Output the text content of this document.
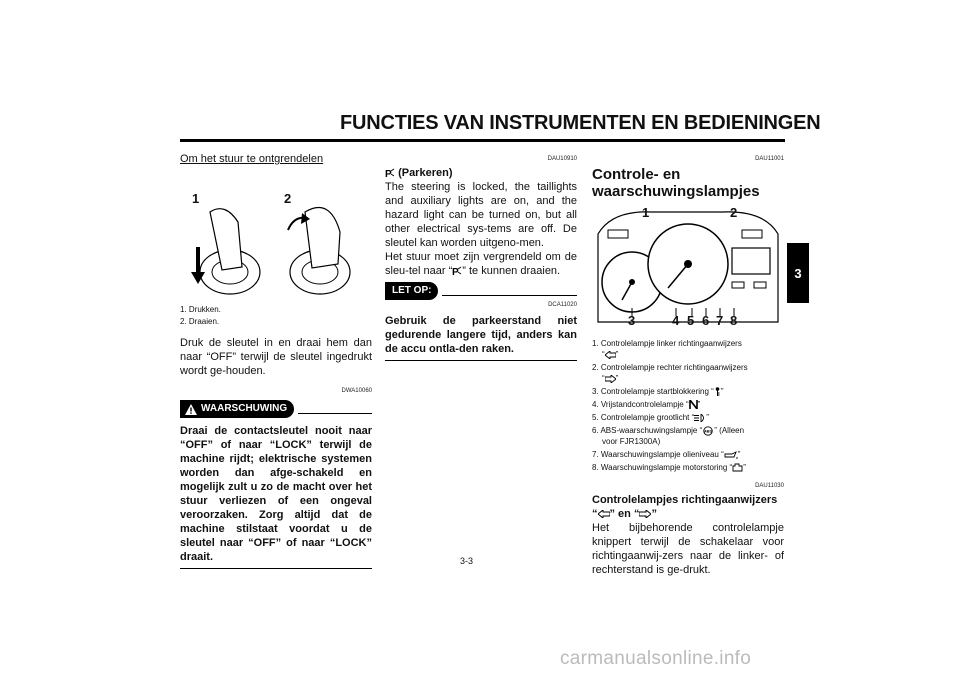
FUNCTIES VAN INSTRUMENTEN EN BEDIENINGEN
3
Om het stuur te ontgrendelen
1	2
1. Drukken.
2. Draaien.
Druk de sleutel in en draai hem dan naar “OFF” terwijl de sleutel ingedrukt wordt ge-houden.
DWA10060
WAARSCHUWING
Draai de contactsleutel nooit naar “OFF” of naar “LOCK” terwijl de machine rijdt; elektrische systemen worden dan afge-schakeld en mogelijk zult u zo de macht over het stuur verliezen of een ongeval veroorzaken. Zorg altijd dat de machine stilstaat voordat u de sleutel naar “OFF” of naar “LOCK” draait.
DAU10910
P (Parkeren)
The steering is locked, the taillights and auxiliary lights are on, and the hazard light can be turned on, but all other electrical sys-tems are off. De sleutel kan worden uitgeno-men.
Het stuur moet zijn vergrendeld om de sleu-tel naar “ P ” te kunnen draaien.
LET OP:
DCA11020
Gebruik de parkeerstand niet gedurende langere tijd, anders kan de accu ontla-den raken.
DAU11001
Controle- en
waarschuwingslampjes
1	2
3	4 5 6 7 8
1. Controlelampje linker richtingaanwijzers
“ ”
2. Controlelampje rechter richtingaanwijzers
“ ”
3. Controlelampje startblokkering “ ”
4. Vrijstandcontrolelampje “ ”
5. Controlelampje grootlicht “ ”
6. ABS-waarschuwingslampje “ ABS ” (Alleen
voor FJR1300A)
7. Waarschuwingslampje olieniveau “ ”
8. Waarschuwingslampje motorstoring “ ”
DAU11030
Controlelampjes richtingaanwijzers
“ ” en “ ”
Het bijbehorende controlelampje knippert terwijl de schakelaar voor richtingaanwij-zers naar de linker- of rechterstand is ge-drukt.
3-3
carmanualsonline.info
